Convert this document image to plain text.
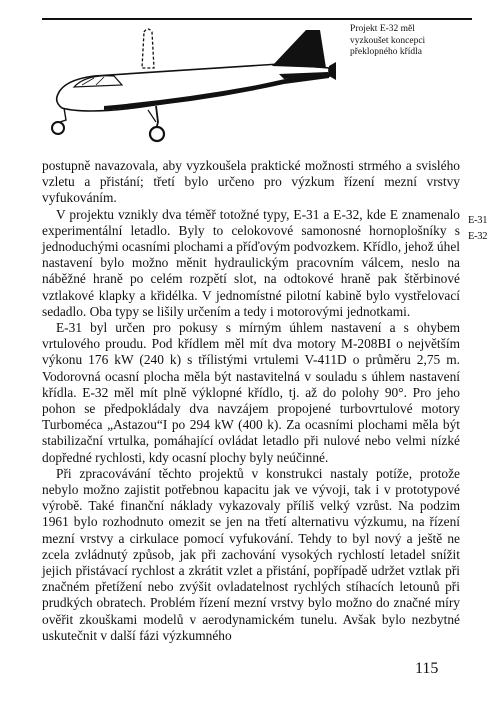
Projekt E-32 měl
vyzkoušet koncepci
překlopného křídla

postupně navazovala, aby vyzkoušela praktické možnosti strmého a svislého vzletu a přistání; třetí bylo určeno pro výzkum řízení mezní vrstvy vyfukováním.

V projektu vznikly dva téměř totožné typy, E-31 a E-32, kde E znamenalo experimentální letadlo. Byly to celokovové samonosné hornoplošníky s jednoduchými ocasními plochami a příďovým podvozkem. Křídlo, jehož úhel nastavení bylo možno měnit hydraulickým pracovním válcem, neslo na náběžné hraně po celém rozpětí slot, na odtokové hraně pak štěrbinové vztlakové klapky a křidélka. V jednomístné pilotní kabině bylo vystřelovací sedadlo. Oba typy se lišily určením a tedy i motorovými jednotkami.

E-31 byl určen pro pokusy s mírným úhlem nastavení a s ohybem vrtulového proudu. Pod křídlem měl mít dva motory M-208BI o největším výkonu 176 kW (240 k) s třílistými vrtulemi V-411D o průměru 2,75 m. Vodorovná ocasní plocha měla být nastavitelná v souladu s úhlem nastavení křídla. E-32 měl mít plně výklopné křídlo, tj. až do polohy 90°. Pro jeho pohon se předpokládaly dva navzájem propojené turbovrtulové motory Turboméca „Astazou“I po 294 kW (400 k). Za ocasními plochami měla být stabilizační vrtulka, pomáhající ovládat letadlo při nulové nebo velmi nízké dopředné rychlosti, kdy ocasní plochy byly neúčinné.

Při zpracovávání těchto projektů v konstrukci nastaly potíže, protože nebylo možno zajistit potřebnou kapacitu jak ve vývoji, tak i v prototypové výrobě. Také finanční náklady vykazovaly příliš velký vzrůst. Na podzim 1961 bylo rozhodnuto omezit se jen na třetí alternativu výzkumu, na řízení mezní vrstvy a cirkulace pomocí vyfukování. Tehdy to byl nový a ještě ne zcela zvládnutý způsob, jak při zachování vysokých rychlostí letadel snížit jejich přistávací rychlost a zkrátit vzlet a přistání, popřípadě udržet vztlak při značném přetížení nebo zvýšit ovladatelnost rychlých stíhacích letounů při prudkých obratech. Problém řízení mezní vrstvy bylo možno do značné míry ověřit zkouškami modelů v aerodynamickém tunelu. Avšak bylo nezbytné uskutečnit v další fázi výzkumného

E-31
E-32
115
